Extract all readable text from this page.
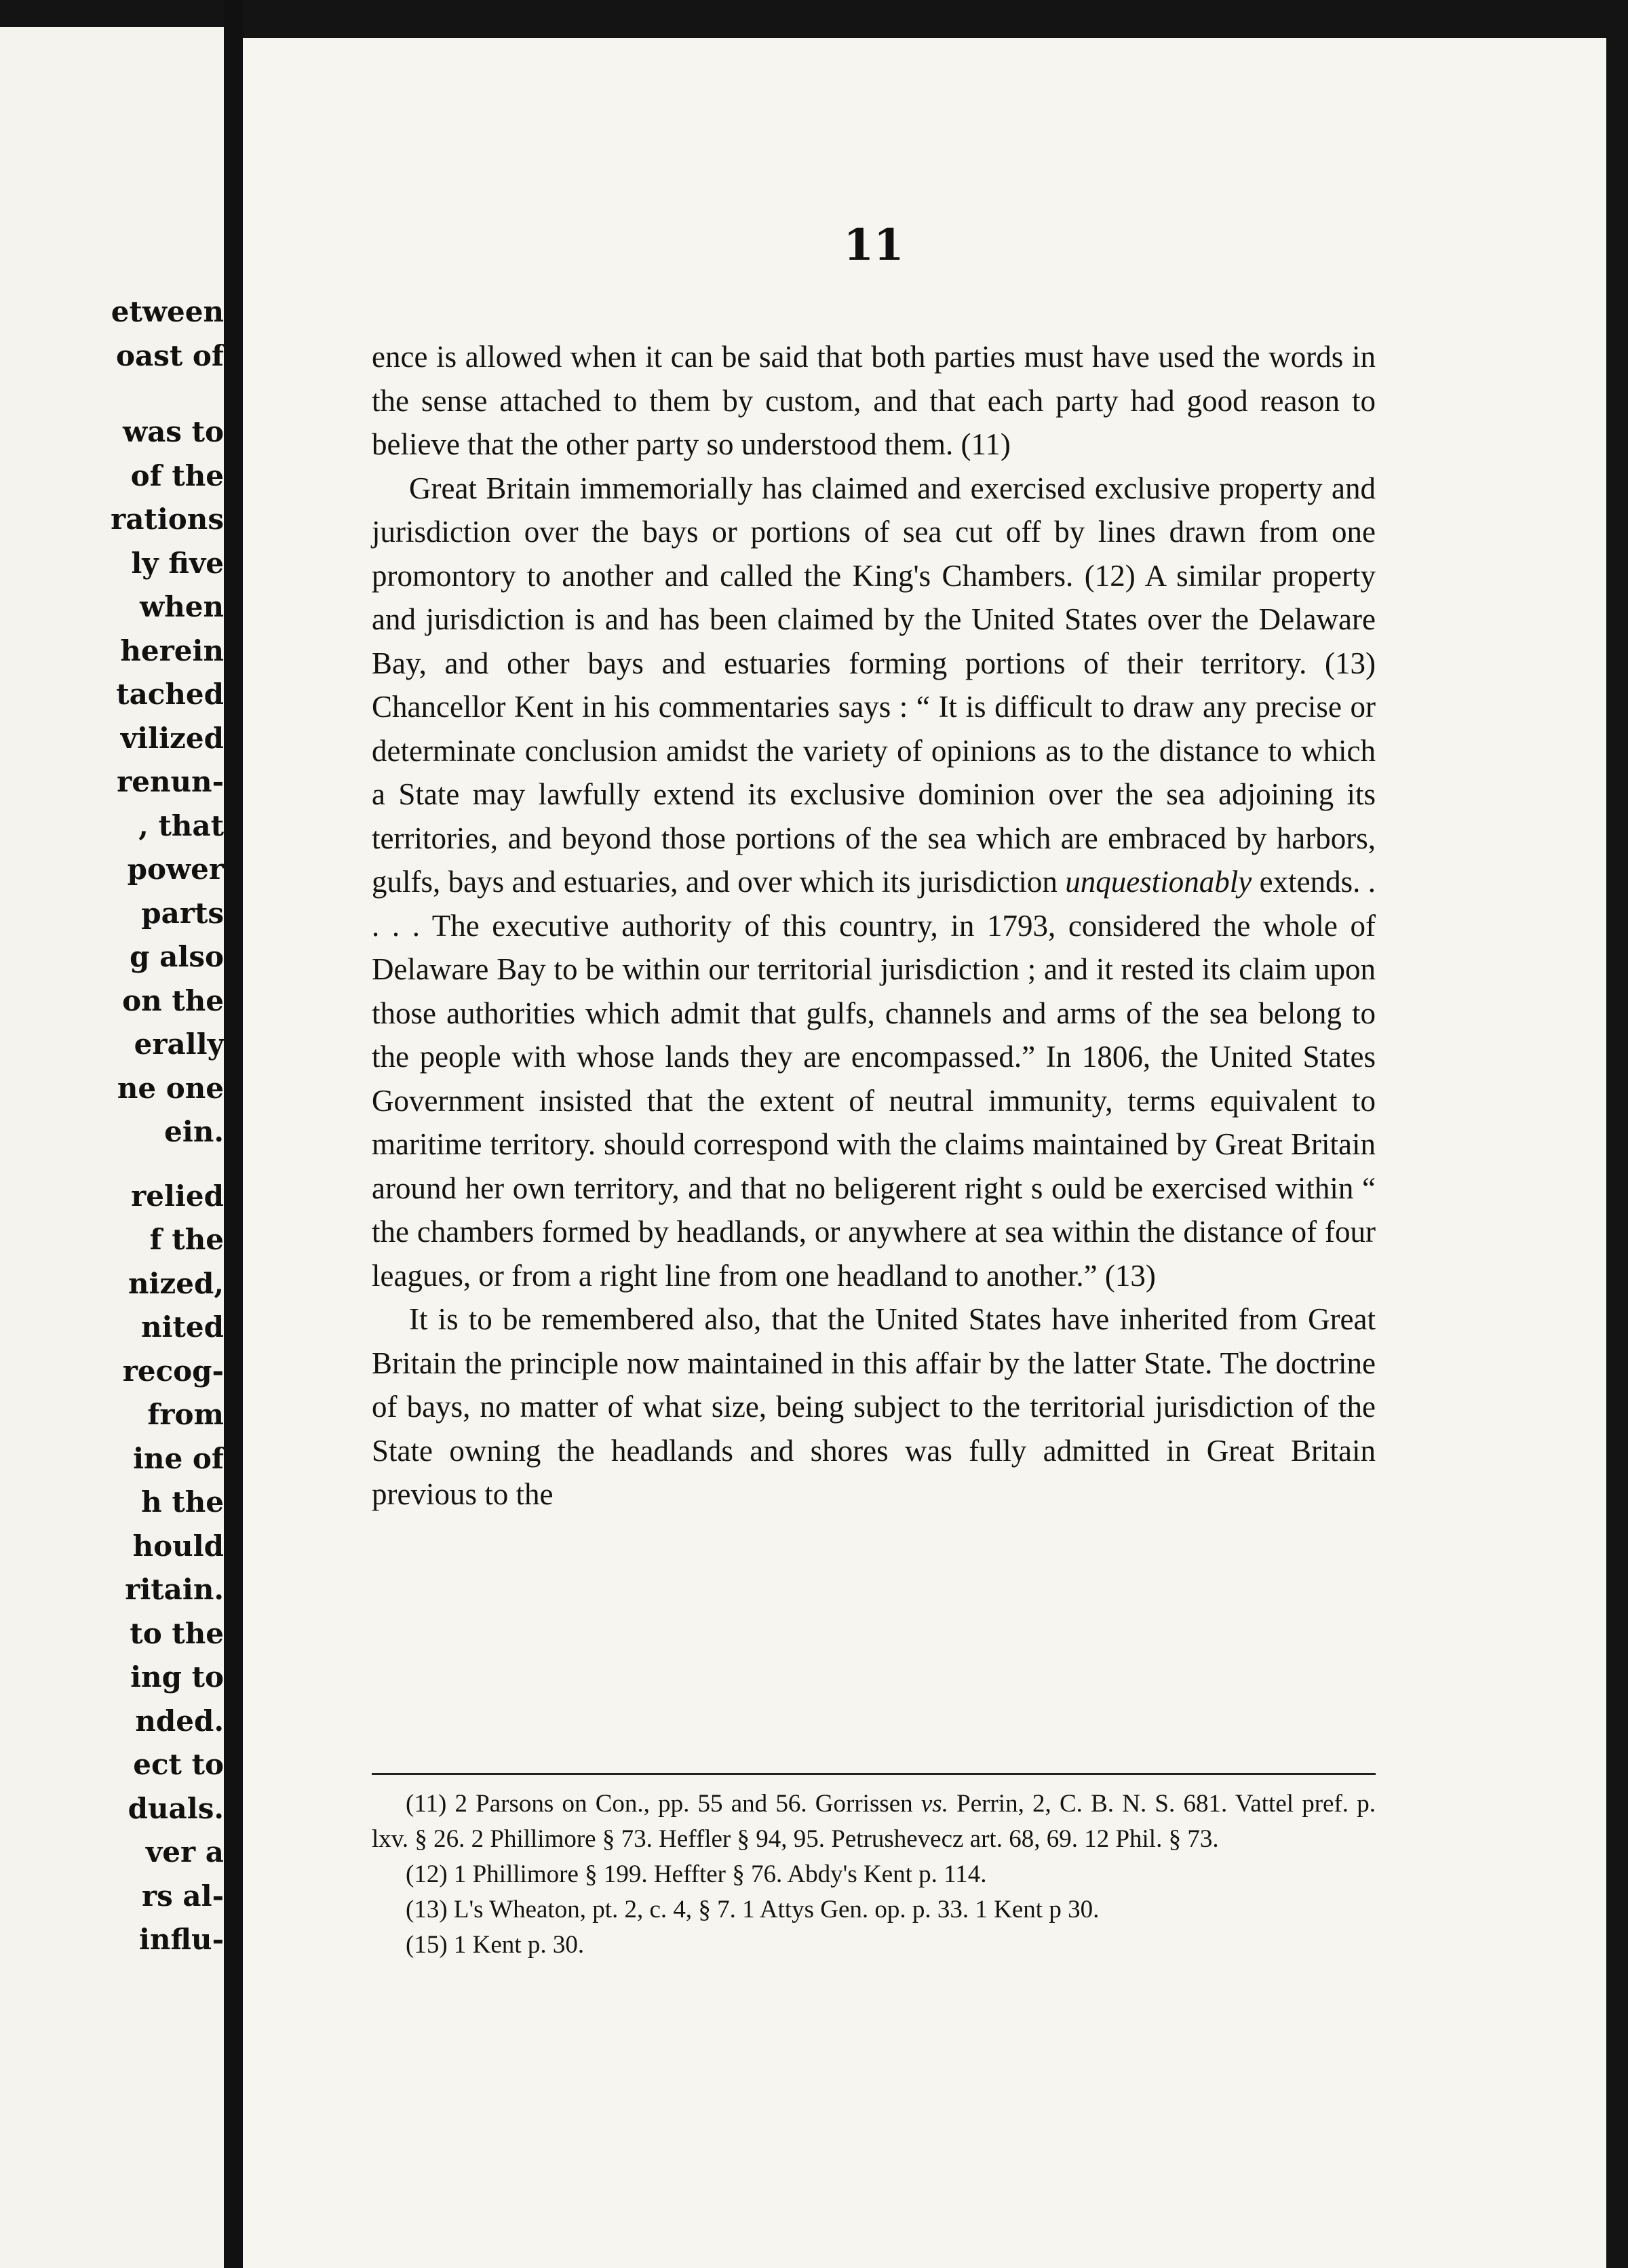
etween
oast of
was to
of the
rations
ly five
when
herein
tached
vilized
renun-
, that
power
parts
g also
on the
erally
ne one
ein.
relied
f the
nized,
nited
recog-
from
ine of
h the
hould
ritain.
to the
ing to
nded.
ect to
duals.
ver a
rs al-
influ-
11

ence is allowed when it can be said that both parties must have used the words in the sense attached to them by custom, and that each party had good reason to believe that the other party so understood them. (11)

Great Britain immemorially has claimed and exercised exclusive property and jurisdiction over the bays or portions of sea cut off by lines drawn from one promontory to another and called the King's Chambers. (12) A similar property and jurisdiction is and has been claimed by the United States over the Delaware Bay, and other bays and estuaries forming portions of their territory. (13) Chancellor Kent in his commentaries says : “ It is difficult to draw any precise or determinate conclusion amidst the variety of opinions as to the distance to which a State may lawfully extend its exclusive dominion over the sea adjoining its territories, and beyond those portions of the sea which are embraced by harbors, gulfs, bays and estuaries, and over which its jurisdiction unquestionably extends. . . . . The executive authority of this country, in 1793, considered the whole of Delaware Bay to be within our territorial jurisdiction ; and it rested its claim upon those authorities which admit that gulfs, channels and arms of the sea belong to the people with whose lands they are encompassed.” In 1806, the United States Government insisted that the extent of neutral immunity, terms equivalent to maritime territory. should correspond with the claims maintained by Great Britain around her own territory, and that no beligerent right s ould be exercised within “ the chambers formed by headlands, or anywhere at sea within the distance of four leagues, or from a right line from one headland to another.” (13)

It is to be remembered also, that the United States have inherited from Great Britain the principle now maintained in this affair by the latter State. The doctrine of bays, no matter of what size, being subject to the territorial jurisdiction of the State owning the headlands and shores was fully admitted in Great Britain previous to the

(11) 2 Parsons on Con., pp. 55 and 56. Gorrissen vs. Perrin, 2, C. B. N. S. 681. Vattel pref. p. lxv. § 26. 2 Phillimore § 73. Heffler § 94, 95. Petrushevecz art. 68, 69. 12 Phil. § 73.

(12) 1 Phillimore § 199. Heffter § 76. Abdy's Kent p. 114.

(13) L's Wheaton, pt. 2, c. 4, § 7. 1 Attys Gen. op. p. 33. 1 Kent p 30.

(15) 1 Kent p. 30.
